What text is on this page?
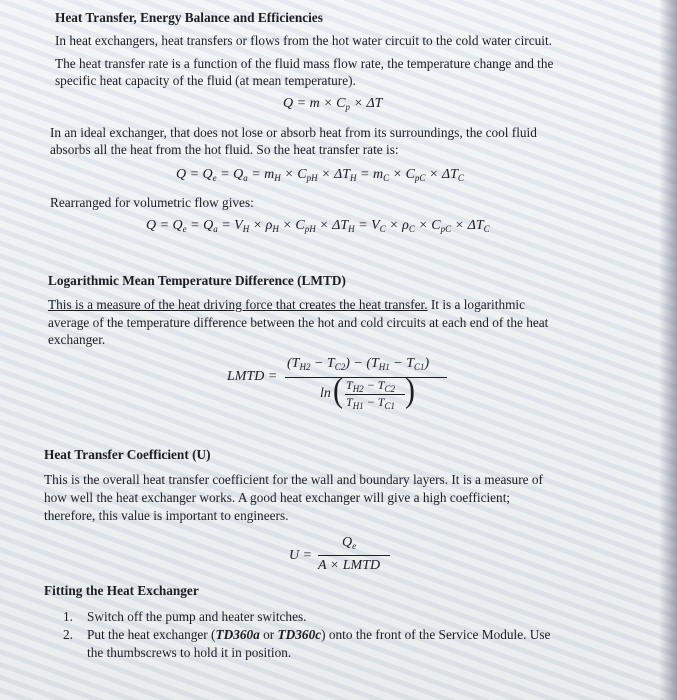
Heat Transfer, Energy Balance and Efficiencies
In heat exchangers, heat transfers or flows from the hot water circuit to the cold water circuit.
The heat transfer rate is a function of the fluid mass flow rate, the temperature change and the
specific heat capacity of the fluid (at mean temperature).
$Q = m \times C_p \times \Delta T$
In an ideal exchanger, that does not lose or absorb heat from its surroundings, the cool fluid
absorbs all the heat from the hot fluid. So the heat transfer rate is:
$Q = Q_e = Q_a = m_H \times C_{pH} \times \Delta T_H = m_C \times C_{pC} \times \Delta T_C$
Rearranged for volumetric flow gives:
$Q = Q_e = Q_a = V_H \times \rho_H \times C_{pH} \times \Delta T_H = V_C \times \rho_C \times C_{pC} \times \Delta T_C$
Logarithmic Mean Temperature Difference (LMTD)
This is a measure of the heat driving force that creates the heat transfer. It is a logarithmic
average of the temperature difference between the hot and cold circuits at each end of the heat
exchanger.
LMTD =
$(T_{H2} - T_{C2}) - (T_{H1} - T_{C1})$
ln ( $T_{H2} - T_{C2}$
$T_{H1} - T_{C1}$ )
Heat Transfer Coefficient (U)
This is the overall heat transfer coefficient for the wall and boundary layers. It is a measure of
how well the heat exchanger works. A good heat exchanger will give a high coefficient;
therefore, this value is important to engineers.
U =
$Q_e$
A × LMTD
Fitting the Heat Exchanger
1. Switch off the pump and heater switches.
2. Put the heat exchanger (TD360a or TD360c) onto the front of the Service Module. Use
the thumbscrews to hold it in position.
